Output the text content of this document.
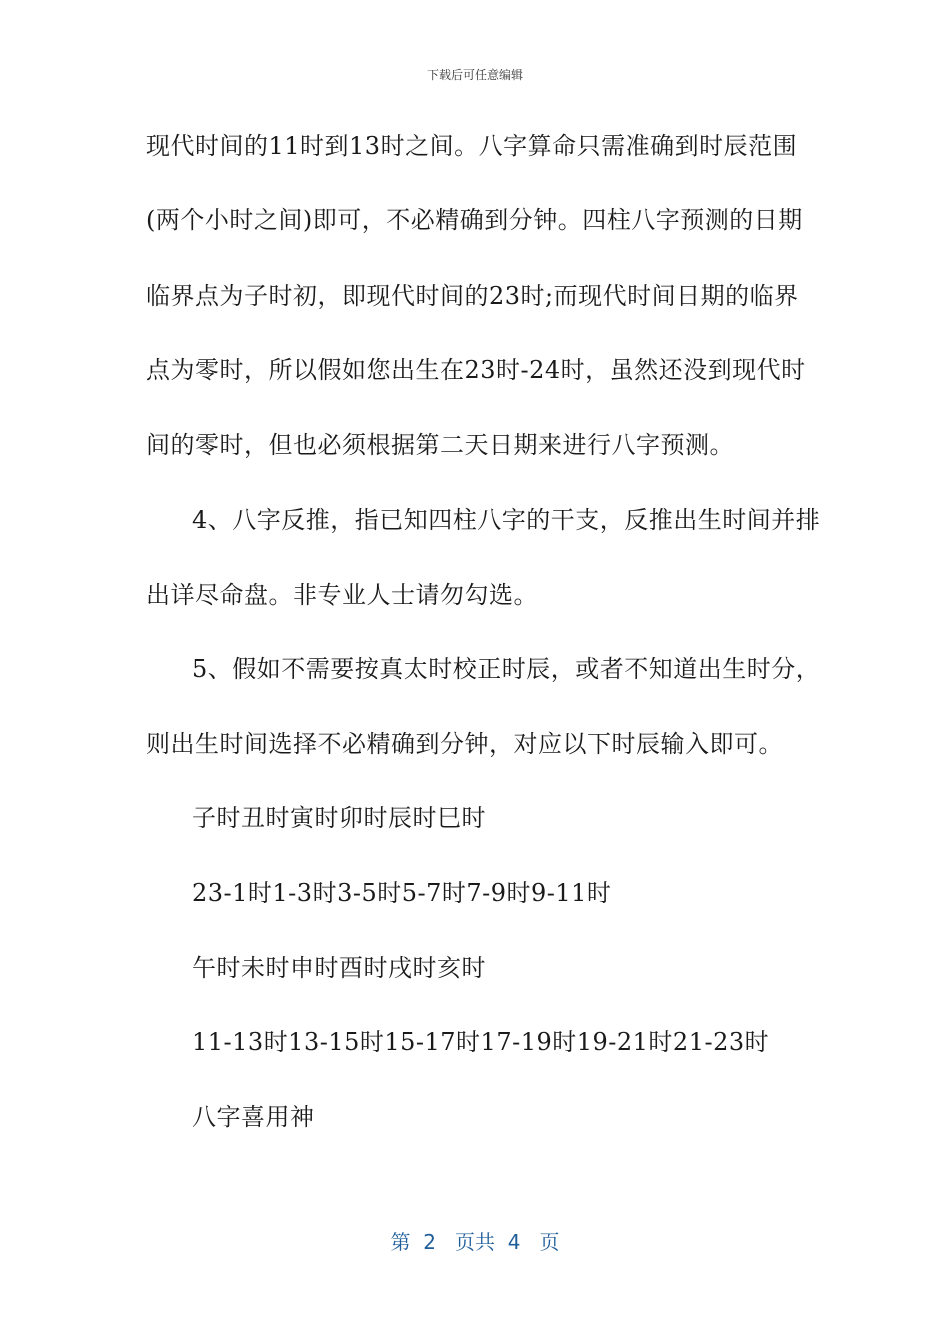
下载后可任意编辑
现代时间的11时到13时之间。八字算命只需准确到时辰范围
(两个小时之间)即可，不必精确到分钟。四柱八字预测的日期
临界点为子时初，即现代时间的23时;而现代时间日期的临界
点为零时，所以假如您出生在23时-24时，虽然还没到现代时
间的零时，但也必须根据第二天日期来进行八字预测。
4、八字反推，指已知四柱八字的干支，反推出生时间并排
出详尽命盘。非专业人士请勿勾选。
5、假如不需要按真太时校正时辰，或者不知道出生时分，
则出生时间选择不必精确到分钟，对应以下时辰输入即可。
子时丑时寅时卯时辰时巳时
23-1时1-3时3-5时5-7时7-9时9-11时
午时未时申时酉时戌时亥时
11-13时13-15时15-17时17-19时19-21时21-23时
八字喜用神
第  2   页共  4   页
